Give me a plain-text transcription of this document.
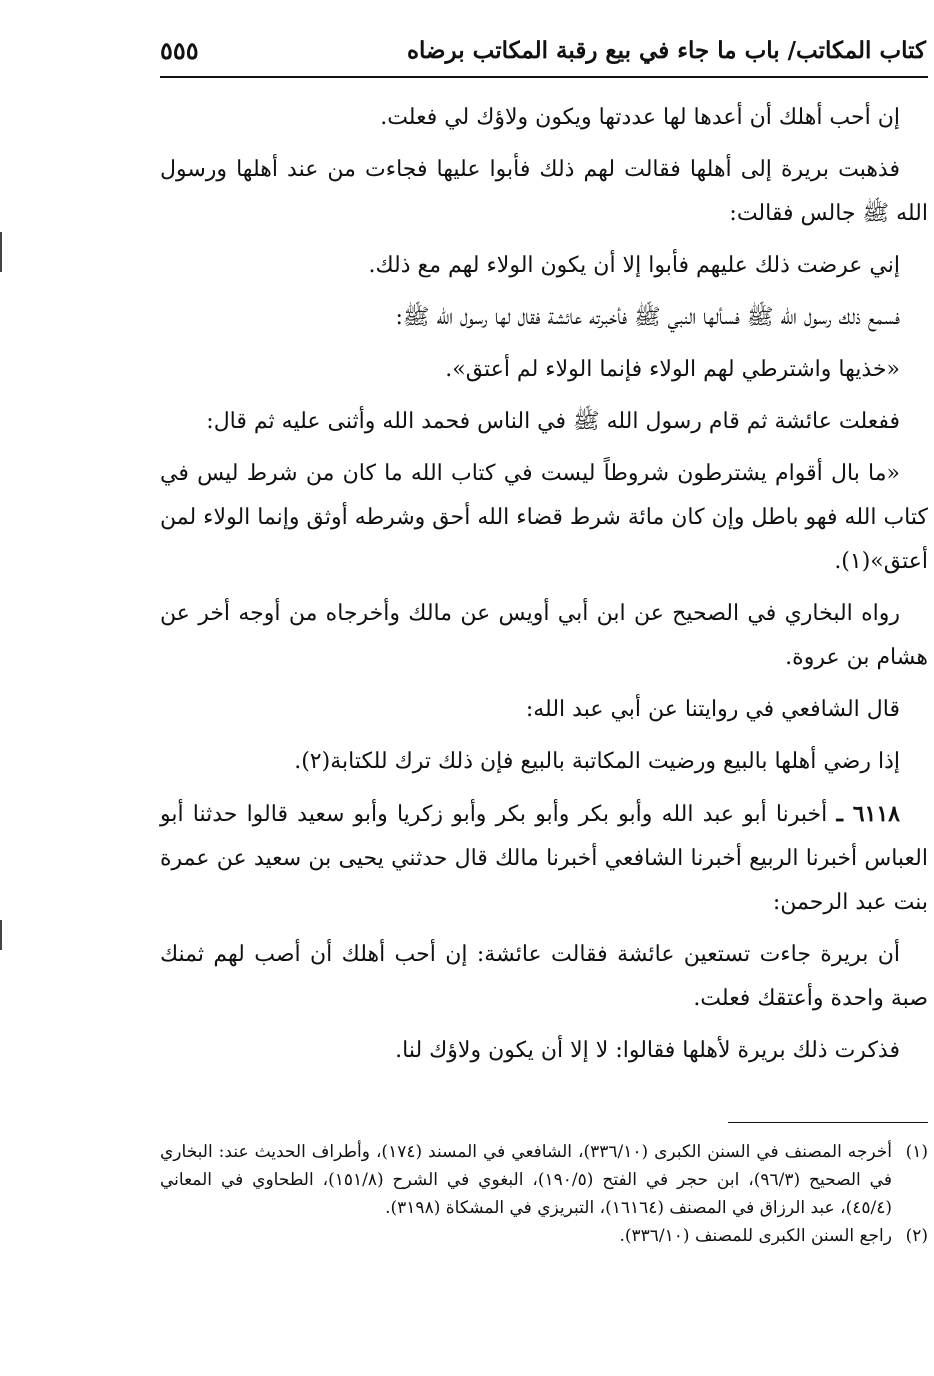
كتاب المكاتب/ باب ما جاء في بيع رقبة المكاتب برضاه
٥٥٥

إن أحب أهلك أن أعدها لها عددتها ويكون ولاؤك لي فعلت.

فذهبت بريرة إلى أهلها فقالت لهم ذلك فأبوا عليها فجاءت من عند أهلها ورسول الله ﷺ جالس فقالت:

إني عرضت ذلك عليهم فأبوا إلا أن يكون الولاء لهم مع ذلك.

فسمع ذلك رسول الله ﷺ فسألها النبي ﷺ فأخبرته عائشة فقال لها رسول الله ﷺ:

«خذيها واشترطي لهم الولاء فإنما الولاء لم أعتق».

ففعلت عائشة ثم قام رسول الله ﷺ في الناس فحمد الله وأثنى عليه ثم قال:

«ما بال أقوام يشترطون شروطاً ليست في كتاب الله ما كان من شرط ليس في كتاب الله فهو باطل وإن كان مائة شرط قضاء الله أحق وشرطه أوثق وإنما الولاء لمن أعتق»(١).

رواه البخاري في الصحيح عن ابن أبي أويس عن مالك وأخرجاه من أوجه أخر عن هشام بن عروة.

قال الشافعي في روايتنا عن أبي عبد الله:

إذا رضي أهلها بالبيع ورضيت المكاتبة بالبيع فإن ذلك ترك للكتابة(٢).

٦١١٨ ـ أخبرنا أبو عبد الله وأبو بكر وأبو بكر وأبو زكريا وأبو سعيد قالوا حدثنا أبو العباس أخبرنا الربيع أخبرنا الشافعي أخبرنا مالك قال حدثني يحيى بن سعيد عن عمرة بنت عبد الرحمن:

أن بريرة جاءت تستعين عائشة فقالت عائشة: إن أحب أهلك أن أصب لهم ثمنك صبة واحدة وأعتقك فعلت.

فذكرت ذلك بريرة لأهلها فقالوا: لا إلا أن يكون ولاؤك لنا.

(١)
أخرجه المصنف في السنن الكبرى (٣٣٦/١٠)، الشافعي في المسند (١٧٤)، وأطراف الحديث عند: البخاري في الصحيح (٩٦/٣)، ابن حجر في الفتح (١٩٠/٥)، البغوي في الشرح (١٥١/٨)، الطحاوي في المعاني (٤٥/٤)، عبد الرزاق في المصنف (١٦١٦٤)، التبريزي في المشكاة (٣١٩٨).
(٢)
راجع السنن الكبرى للمصنف (٣٣٦/١٠).
